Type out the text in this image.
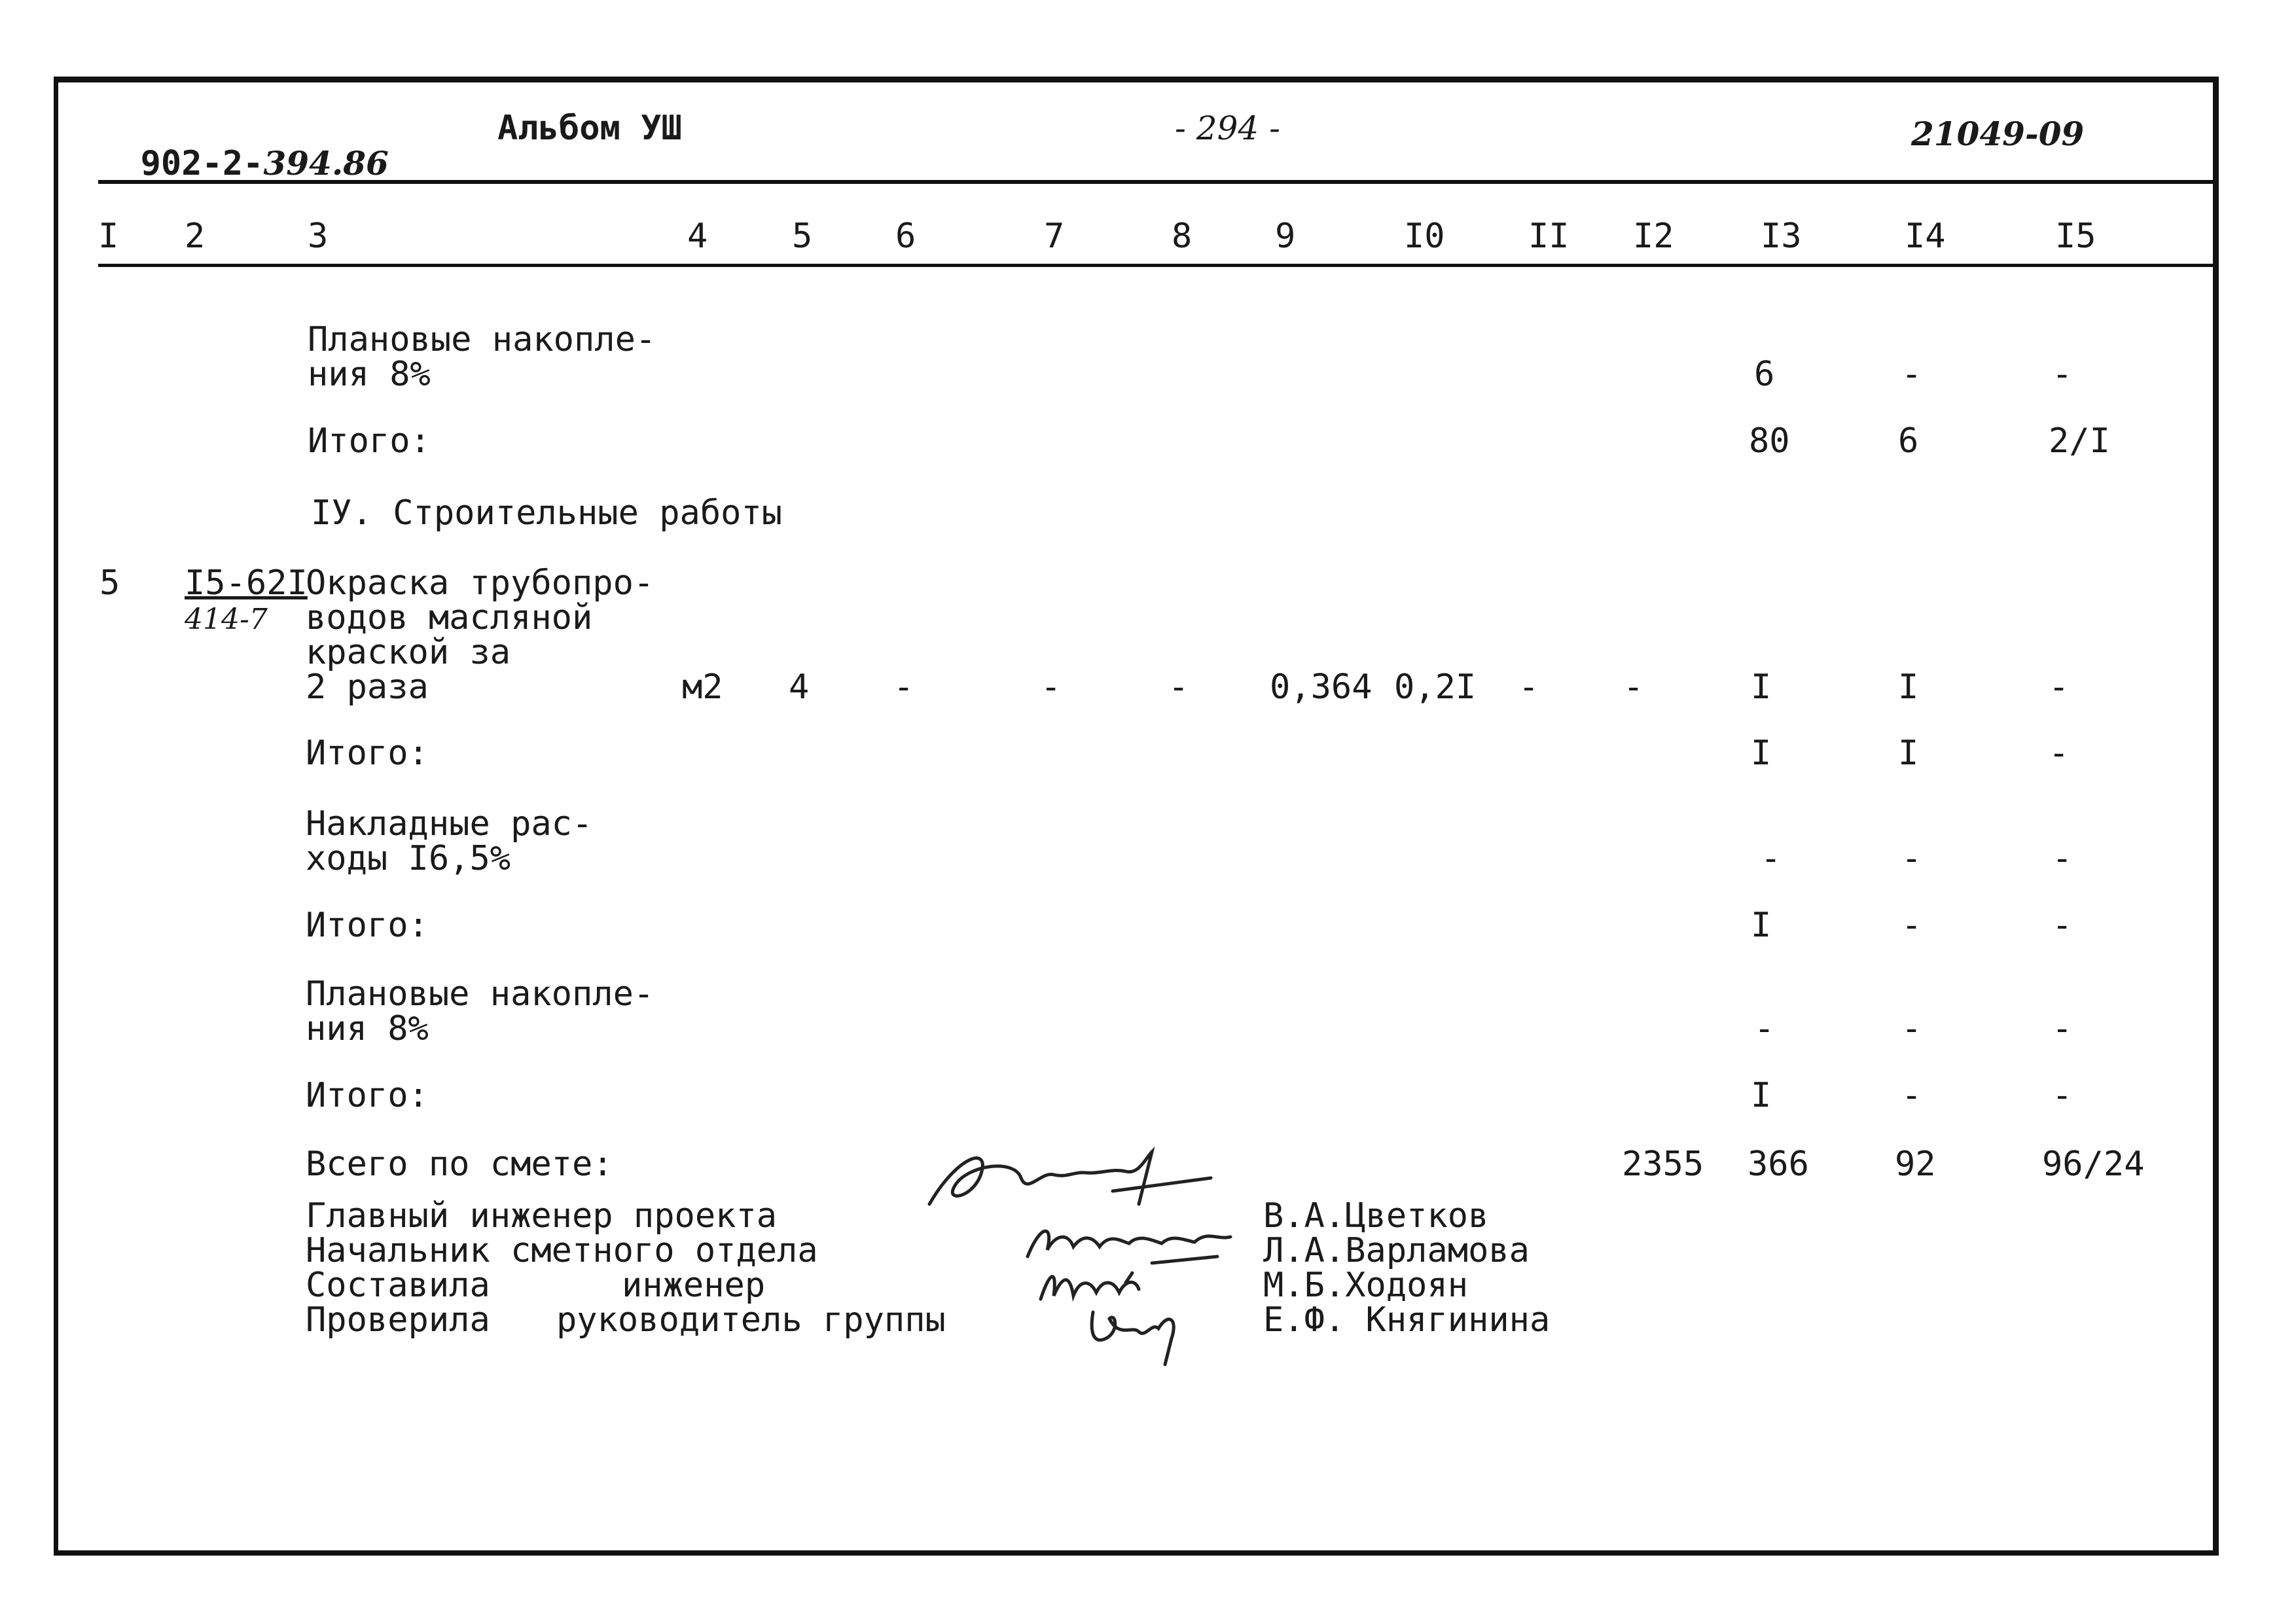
902-2-394.86

Альбом УШ	- 294 -	21049-09
I 2	3	4 5 6	7	8 9	I0 II I2	I3	I4	I5
Плановые накопле-
ния 8%	6	-	-
Итого:	80	6	2/I
IУ. Строительные работы
5 I5-62I
414-7
Окраска трубопро-
водов масляной
краской за
2 раза	м2 4 -	-	- 0,364 0,2I - -	I	I	-
Итого:	I	I	-
Накладные рас-
ходы I6,5%	-	-	-
Итого:	I	-	-
Плановые накопле-
ния 8%	-	-	-
Итого:	I	-	-
Всего по смете:	2355 366	92	96/24
Главный инженер проекта
Начальник сметного отдела
Составила	инженер
Проверила руководитель группы
В.А.Цветков
Л.А.Варламова
М.Б.Ходоян
Е.Ф. Княгинина
